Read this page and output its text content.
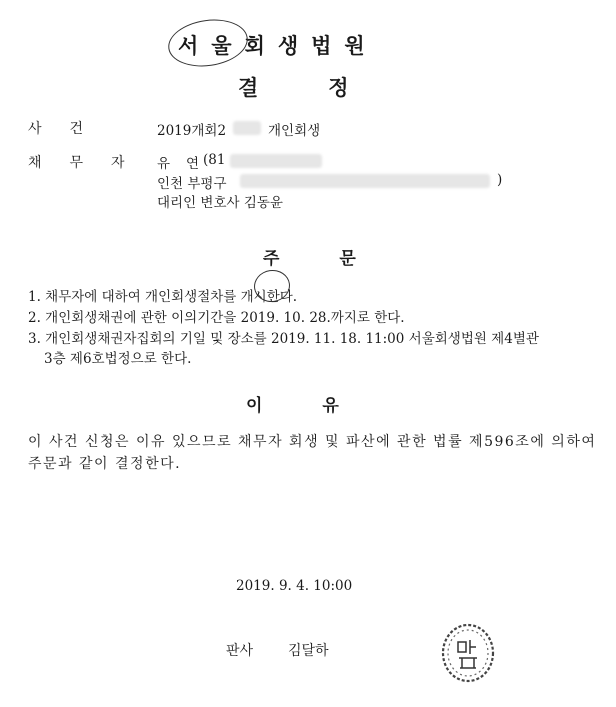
서울회생법원
결정
사건	2019개회2	개인회생
채무자 유 연 (81
인천 부평구	)
대리인 변호사 김동윤
주문
1. 채무자에 대하여 개인회생절차를 개시한다.
2. 개인회생채권에 관한 이의기간을 2019. 10. 28.까지로 한다.
3. 개인회생채권자집회의 기일 및 장소를 2019. 11. 18. 11:00 서울회생법원 제4별관
3층 제6호법정으로 한다.
이유
이 사건 신청은 이유 있으므로 채무자 회생 및 파산에 관한 법률 제596조에 의하여
주문과 같이 결정한다.
2019. 9. 4. 10:00
판사 김달하
